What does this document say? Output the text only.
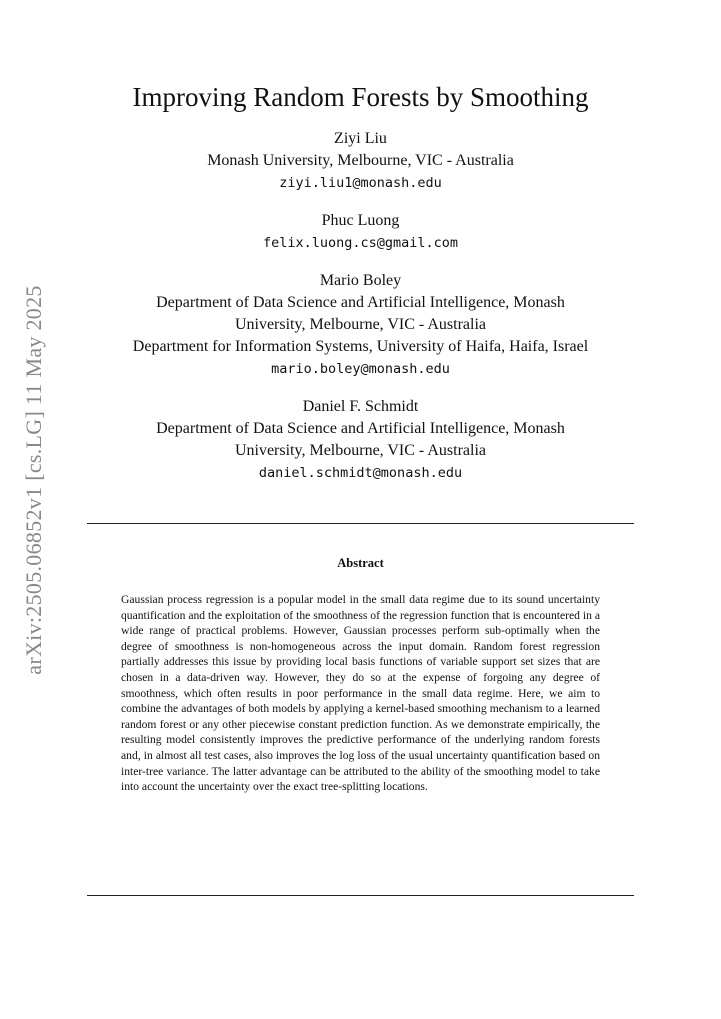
arXiv:2505.06852v1 [cs.LG] 11 May 2025
Improving Random Forests by Smoothing
Ziyi Liu
Monash University, Melbourne, VIC - Australia
ziyi.liu1@monash.edu
Phuc Luong
felix.luong.cs@gmail.com
Mario Boley
Department of Data Science and Artificial Intelligence, Monash
University, Melbourne, VIC - Australia
Department for Information Systems, University of Haifa, Haifa, Israel
mario.boley@monash.edu
Daniel F. Schmidt
Department of Data Science and Artificial Intelligence, Monash
University, Melbourne, VIC - Australia
daniel.schmidt@monash.edu
Abstract
Gaussian process regression is a popular model in the small data regime due to its sound uncertainty quantification and the exploitation of the smoothness of the regression function that is encountered in a wide range of practical problems. However, Gaussian processes perform sub-optimally when the degree of smoothness is non-homogeneous across the input domain. Random forest regression partially addresses this issue by providing local basis functions of variable support set sizes that are chosen in a data-driven way. However, they do so at the expense of forgoing any degree of smoothness, which often results in poor performance in the small data regime. Here, we aim to combine the advantages of both models by applying a kernel-based smoothing mechanism to a learned random forest or any other piecewise constant prediction function. As we demonstrate empirically, the resulting model consistently improves the predictive performance of the underlying random forests and, in almost all test cases, also improves the log loss of the usual uncertainty quantification based on inter-tree variance. The latter advantage can be attributed to the ability of the smoothing model to take into account the uncertainty over the exact tree-splitting locations.
